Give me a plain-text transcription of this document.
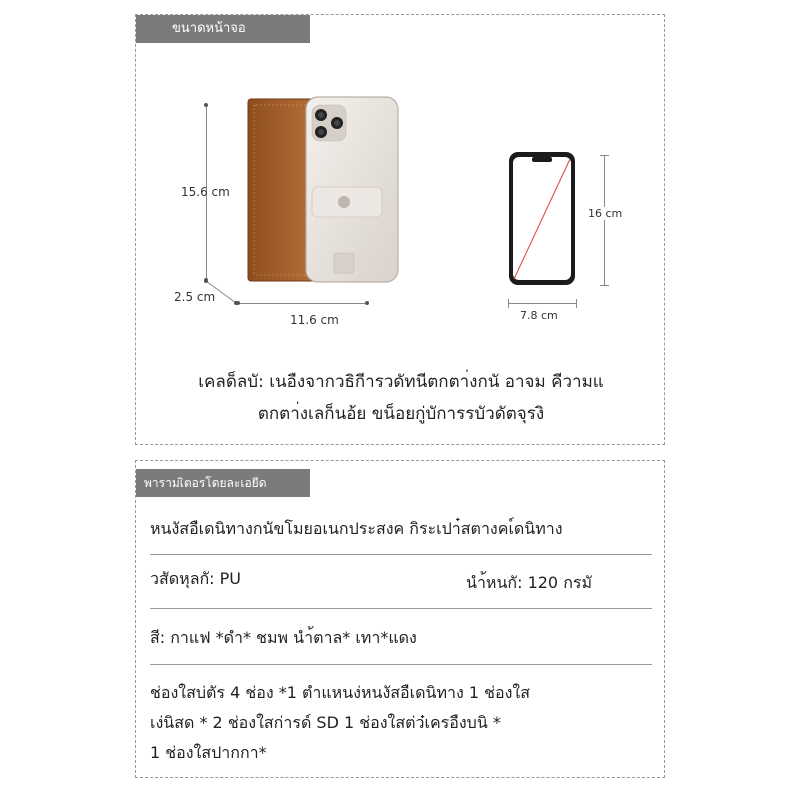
ขนาดหน้าจอ
15.6 cm
2.5 cm
11.6 cm
16 cm
7.8 cm
เคลด็ลบั: เนอืงจากวธิกีารวดัทนีตกตา่งกนั อาจม คีวามแ
ตกตา่งเลก็นอ้ย ขน็อยกู่บัการรบัวดัตจุรงิ
พารามเิตอรโดยละเอยีด
หนงัสอืเดนิทางกนัขโมยอเนกประสงค กิระเปา๋สตางคเ์ดนิทาง
วสัดหุลกั: PU	นำ้หนกั: 120 กรมั
สี: กาแฟ *ดำ* ชมพ นำ้ตาล* เทา*แดง
ช่องใสบ่ตัร 4 ช่อง *1 ตำแหนง่หนงัสอืเดนิทาง 1 ช่องใส
เง่นิสด * 2 ช่องใสก่ารด์ SD 1 ช่องใสต่ว๋เครอืงบนิ *
1 ช่องใสปากกา*
